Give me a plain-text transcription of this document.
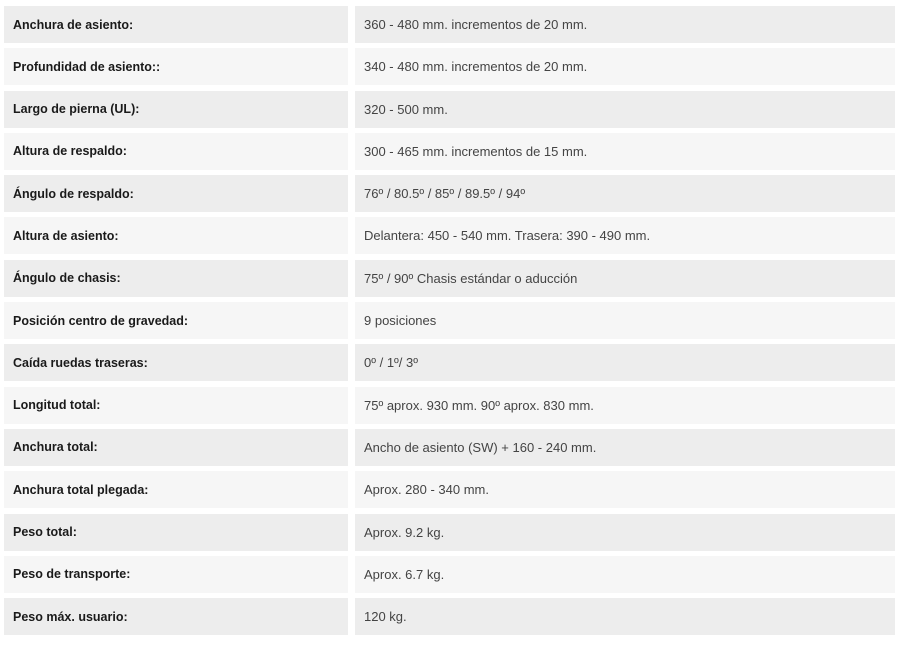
Anchura de asiento:	360 - 480 mm. incrementos de 20 mm.
Profundidad de asiento::	340 - 480 mm. incrementos de 20 mm.
Largo de pierna (UL):	320 - 500 mm.
Altura de respaldo:	300 - 465 mm. incrementos de 15 mm.
Ángulo de respaldo:	76º / 80.5º / 85º / 89.5º / 94º
Altura de asiento:	Delantera: 450 - 540 mm. Trasera: 390 - 490 mm.
Ángulo de chasis:	75º / 90º Chasis estándar o aducción
Posición centro de gravedad:	9 posiciones
Caída ruedas traseras:	0º / 1º/ 3º
Longitud total:	75º aprox. 930 mm. 90º aprox. 830 mm.
Anchura total:	Ancho de asiento (SW) + 160 - 240 mm.
Anchura total plegada:	Aprox. 280 - 340 mm.
Peso total:	Aprox. 9.2 kg.
Peso de transporte:	Aprox. 6.7 kg.
Peso máx. usuario:	120 kg.
